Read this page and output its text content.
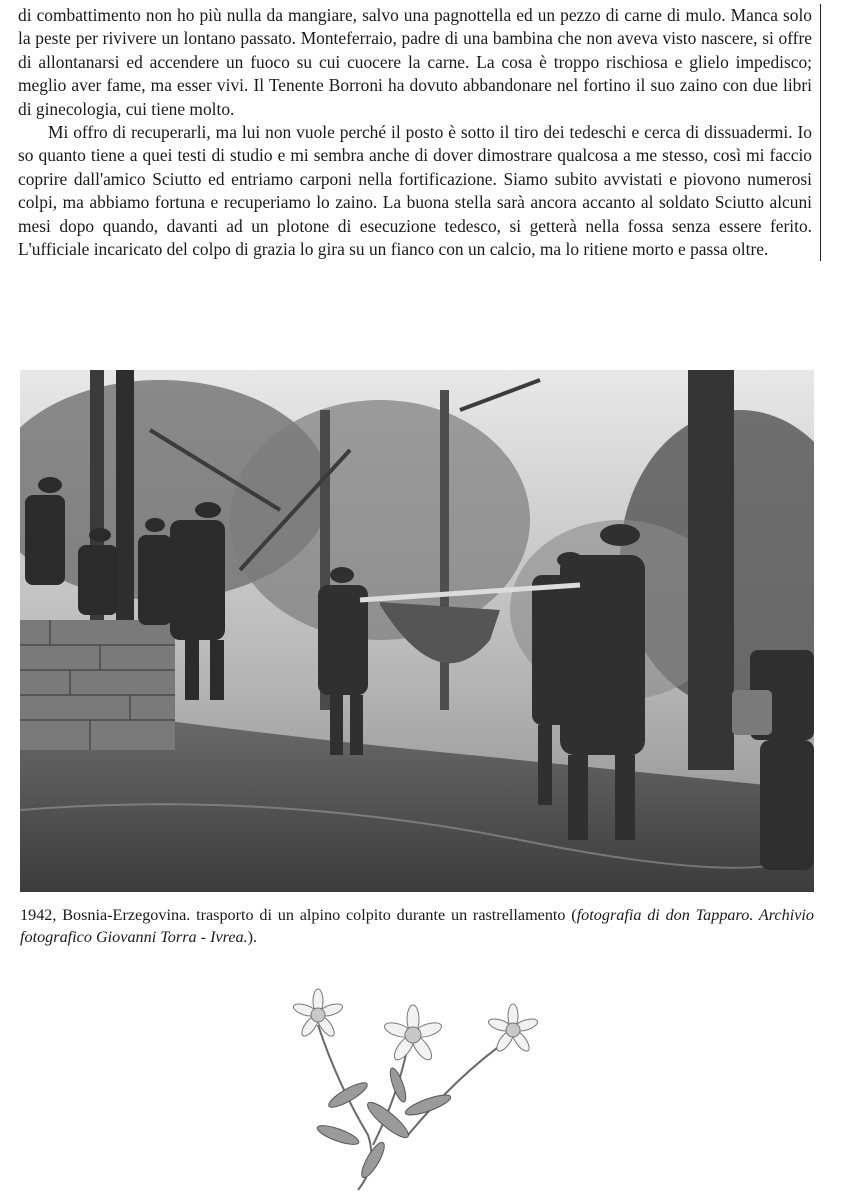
di combattimento non ho più nulla da mangiare, salvo una pagnottella ed un pezzo di carne di mulo. Manca solo la peste per rivivere un lontano passato. Monteferraio, padre di una bambina che non aveva visto nascere, si offre di allontanarsi ed accendere un fuoco su cui cuocere la carne. La cosa è troppo rischiosa e glielo impedisco; meglio aver fame, ma esser vivi. Il Tenente Borroni ha dovuto abbandonare nel fortino il suo zaino con due libri di ginecologia, cui tiene molto.

Mi offro di recuperarli, ma lui non vuole perché il posto è sotto il tiro dei tedeschi e cerca di dissuadermi. Io so quanto tiene a quei testi di studio e mi sembra anche di dover dimostrare qualcosa a me stesso, così mi faccio coprire dall'amico Sciutto ed entriamo carponi nella fortificazione. Siamo subito avvistati e piovono numerosi colpi, ma abbiamo fortuna e recuperiamo lo zaino. La buona stella sarà ancora accanto al soldato Sciutto alcuni mesi dopo quando, davanti ad un plotone di esecuzione tedesco, si getterà nella fossa senza essere ferito. L'ufficiale incaricato del colpo di grazia lo gira su un fianco con un calcio, ma lo ritiene morto e passa oltre.

1942, Bosnia-Erzegovina. trasporto di un alpino colpito durante un rastrellamento (fotografia di don Tapparo. Archivio fotografico Giovanni Torra - Ivrea.).
